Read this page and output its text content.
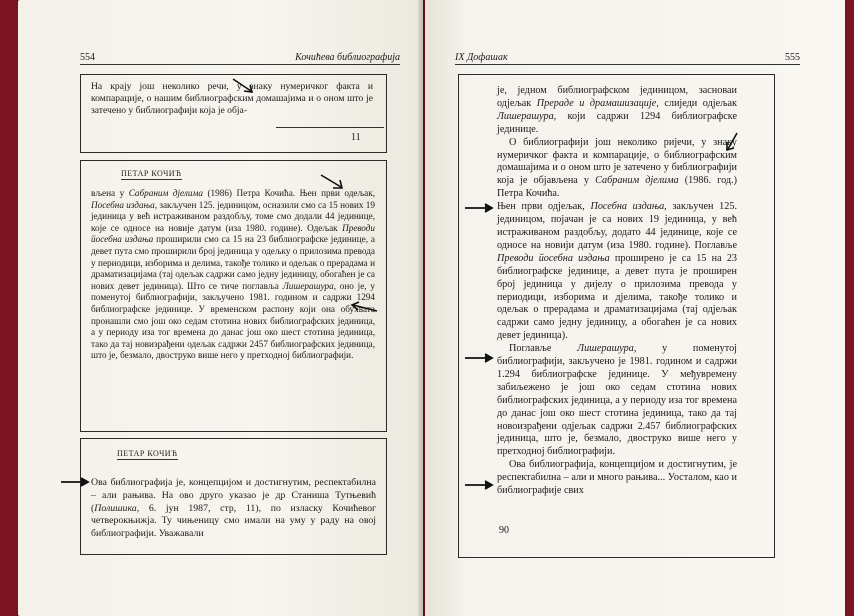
554	Кочићева библиографија

На крају још неколико речи, у знаку нумеричког факта и компарације, о нашим библиографским домашајима и о оном што је затечено у библиографији која је обја-

11
ПЕТАР КОЧИЋ

вљена у Сабраним дјелима (1986) Петра Кочића. Њен први одељак, Посебна издања, закључен 125. јединицом, осназили смо са 15 нових 19 јединица у већ истраживаном раздобљу, томе смо додали 44 јединице, које се односе на новије датум (иза 1980. године). Одељак Преводи йосебна издања проширили смо са 15 на 23 библиографске јединице, а девет пута смо проширили број јединица у одељку о прилозима превода у периодици, изборима и делима, такође толико и одељак о прерадама и драматизацијама (тај одељак садржи само једну јединицу, обогаћен је са нових девет јединица). Што се тиче поглавља Лишерашура, оно је, у поменутој библиографији, закључено 1981. годином и садржи 1294 библиографске јединице. У временском распону који она обухвата пронашли смо још око седам стотина нових библиографских јединица, а у периоду иза тог времена до данас још око шест стотина јединица, тако да тај новизрађени одељак садржи 2457 библиографских јединица, што је, безмало, двоструко више него у претходној библиографији.

ПЕТАР КОЧИЋ

Ова библиографија је, концепцијом и достигнутим, респектабилна – али рањива. На ово друго указао је др Станиша Тутњевић (Полишика, 6. јун 1987, стр, 11), по изласку Кочићевог четверокњижја. Ту чињеницу смо имали на уму у раду на овој библиографији. Уважавали

IX Дофашак	555

је, једном библиографском јединицом, засноваи одјељак Прераде и драмашизације, слиједи одјељак Лишерашура, који садржи 1294 библиографске јединице.

О библиографији још неколико ријечи, у знаку нумеричког факта и компарације, о библиографским домашајима и о оном што је затечено у библиографији која је објављена у Сабраним дјелима (1986. год.) Петра Кочића.

Њен први одјељак, Посебна издања, закључен 125. јединицом, појачан је са нових 19 јединица, у већ истраживаном раздобљу, додато 44 јединице, које се односе на новији датум (иза 1980. године). Поглавље Преводи йосебна издања проширено је са 15 на 23 библиографске јединице, а девет пута је проширен број јединица у дијелу о прилозима превода у периодици, изборима и дјелима, такође толико и одељак о прерадама и драматизацијама (тај одјељак садржи само једну јединицу, а обогаћен је са нових девет јединица).

Поглавље Лишерашура, у поменутој библиографији, закључено је 1981. годином и садржи 1.294 библиографске јединице. У међувремену забиљежено је још око седам стотина нових библиографских јединица, а у периоду иза тог времена до данас још око шест стотина јединица, тако да тај новоизрађени одјељак садржи 2.457 библиографских јединица, што је, безмало, двоструко више него у претходној библиографији.

Ова библиографија, концепцијом и достигнутим, је респектабилна – али и много рањива... Уосталом, као и библиографије свих

90
